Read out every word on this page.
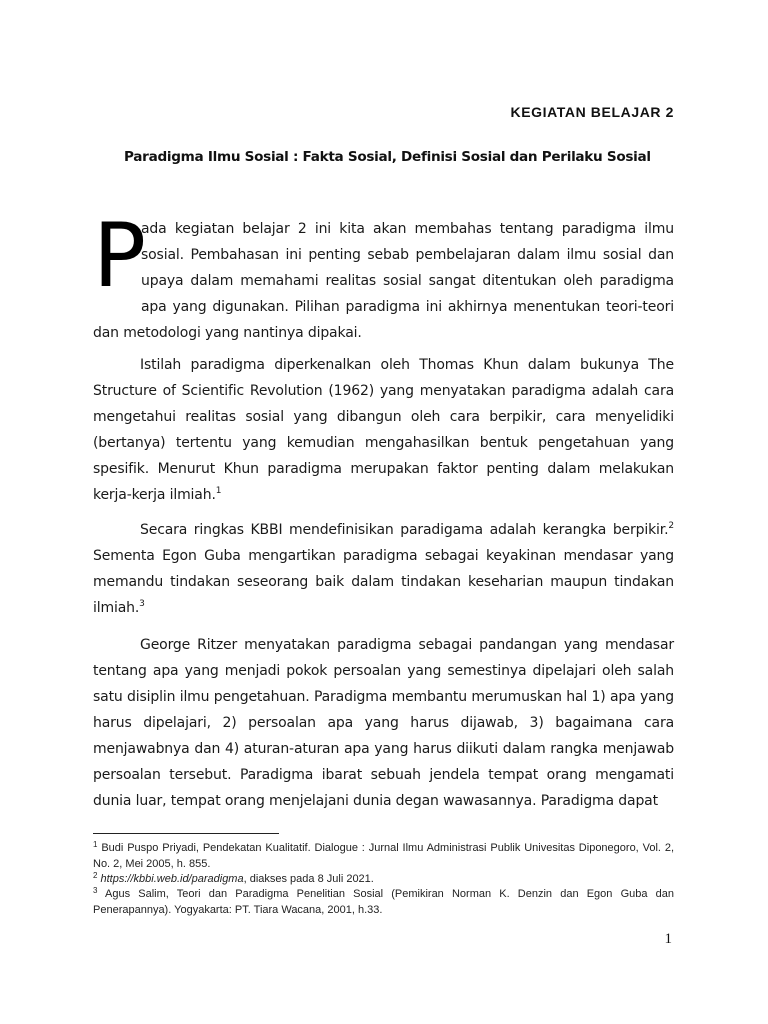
KEGIATAN BELAJAR 2
Paradigma Ilmu Sosial : Fakta Sosial, Definisi Sosial dan Perilaku Sosial

P
ada kegiatan belajar 2 ini kita akan membahas tentang paradigma ilmu sosial. Pembahasan ini penting sebab pembelajaran dalam ilmu sosial dan upaya dalam memahami realitas sosial sangat ditentukan oleh paradigma apa yang digunakan. Pilihan paradigma ini akhirnya menentukan teori-teori dan metodologi yang nantinya dipakai.

Istilah paradigma diperkenalkan oleh Thomas Khun dalam bukunya The Structure of Scientific Revolution (1962) yang menyatakan paradigma adalah cara mengetahui realitas sosial yang dibangun oleh cara berpikir, cara menyelidiki (bertanya) tertentu yang kemudian mengahasilkan bentuk pengetahuan yang spesifik. Menurut Khun paradigma merupakan faktor penting dalam melakukan kerja-kerja ilmiah.$^1$

Secara ringkas KBBI mendefinisikan paradigama adalah kerangka berpikir.$^2$ Sementa Egon Guba mengartikan paradigma sebagai keyakinan mendasar yang memandu tindakan seseorang baik dalam tindakan keseharian maupun tindakan ilmiah.$^3$

George Ritzer menyatakan paradigma sebagai pandangan yang mendasar tentang apa yang menjadi pokok persoalan yang semestinya dipelajari oleh salah satu disiplin ilmu pengetahuan. Paradigma membantu merumuskan hal 1) apa yang harus dipelajari, 2) persoalan apa yang harus dijawab, 3) bagaimana cara menjawabnya dan 4) aturan-aturan apa yang harus diikuti dalam rangka menjawab persoalan tersebut. Paradigma ibarat sebuah jendela tempat orang mengamati dunia luar, tempat orang menjelajani dunia degan wawasannya. Paradigma dapat

$^1$ Budi Puspo Priyadi, Pendekatan Kualitatif. Dialogue : Jurnal Ilmu Administrasi Publik Univesitas Diponegoro, Vol. 2, No. 2, Mei 2005, h. 855.
$^2$ https://kbbi.web.id/paradigma, diakses pada 8 Juli 2021.
$^3$ Agus Salim, Teori dan Paradigma Penelitian Sosial (Pemikiran Norman K. Denzin dan Egon Guba dan Penerapannya). Yogyakarta: PT. Tiara Wacana, 2001, h.33.
1
